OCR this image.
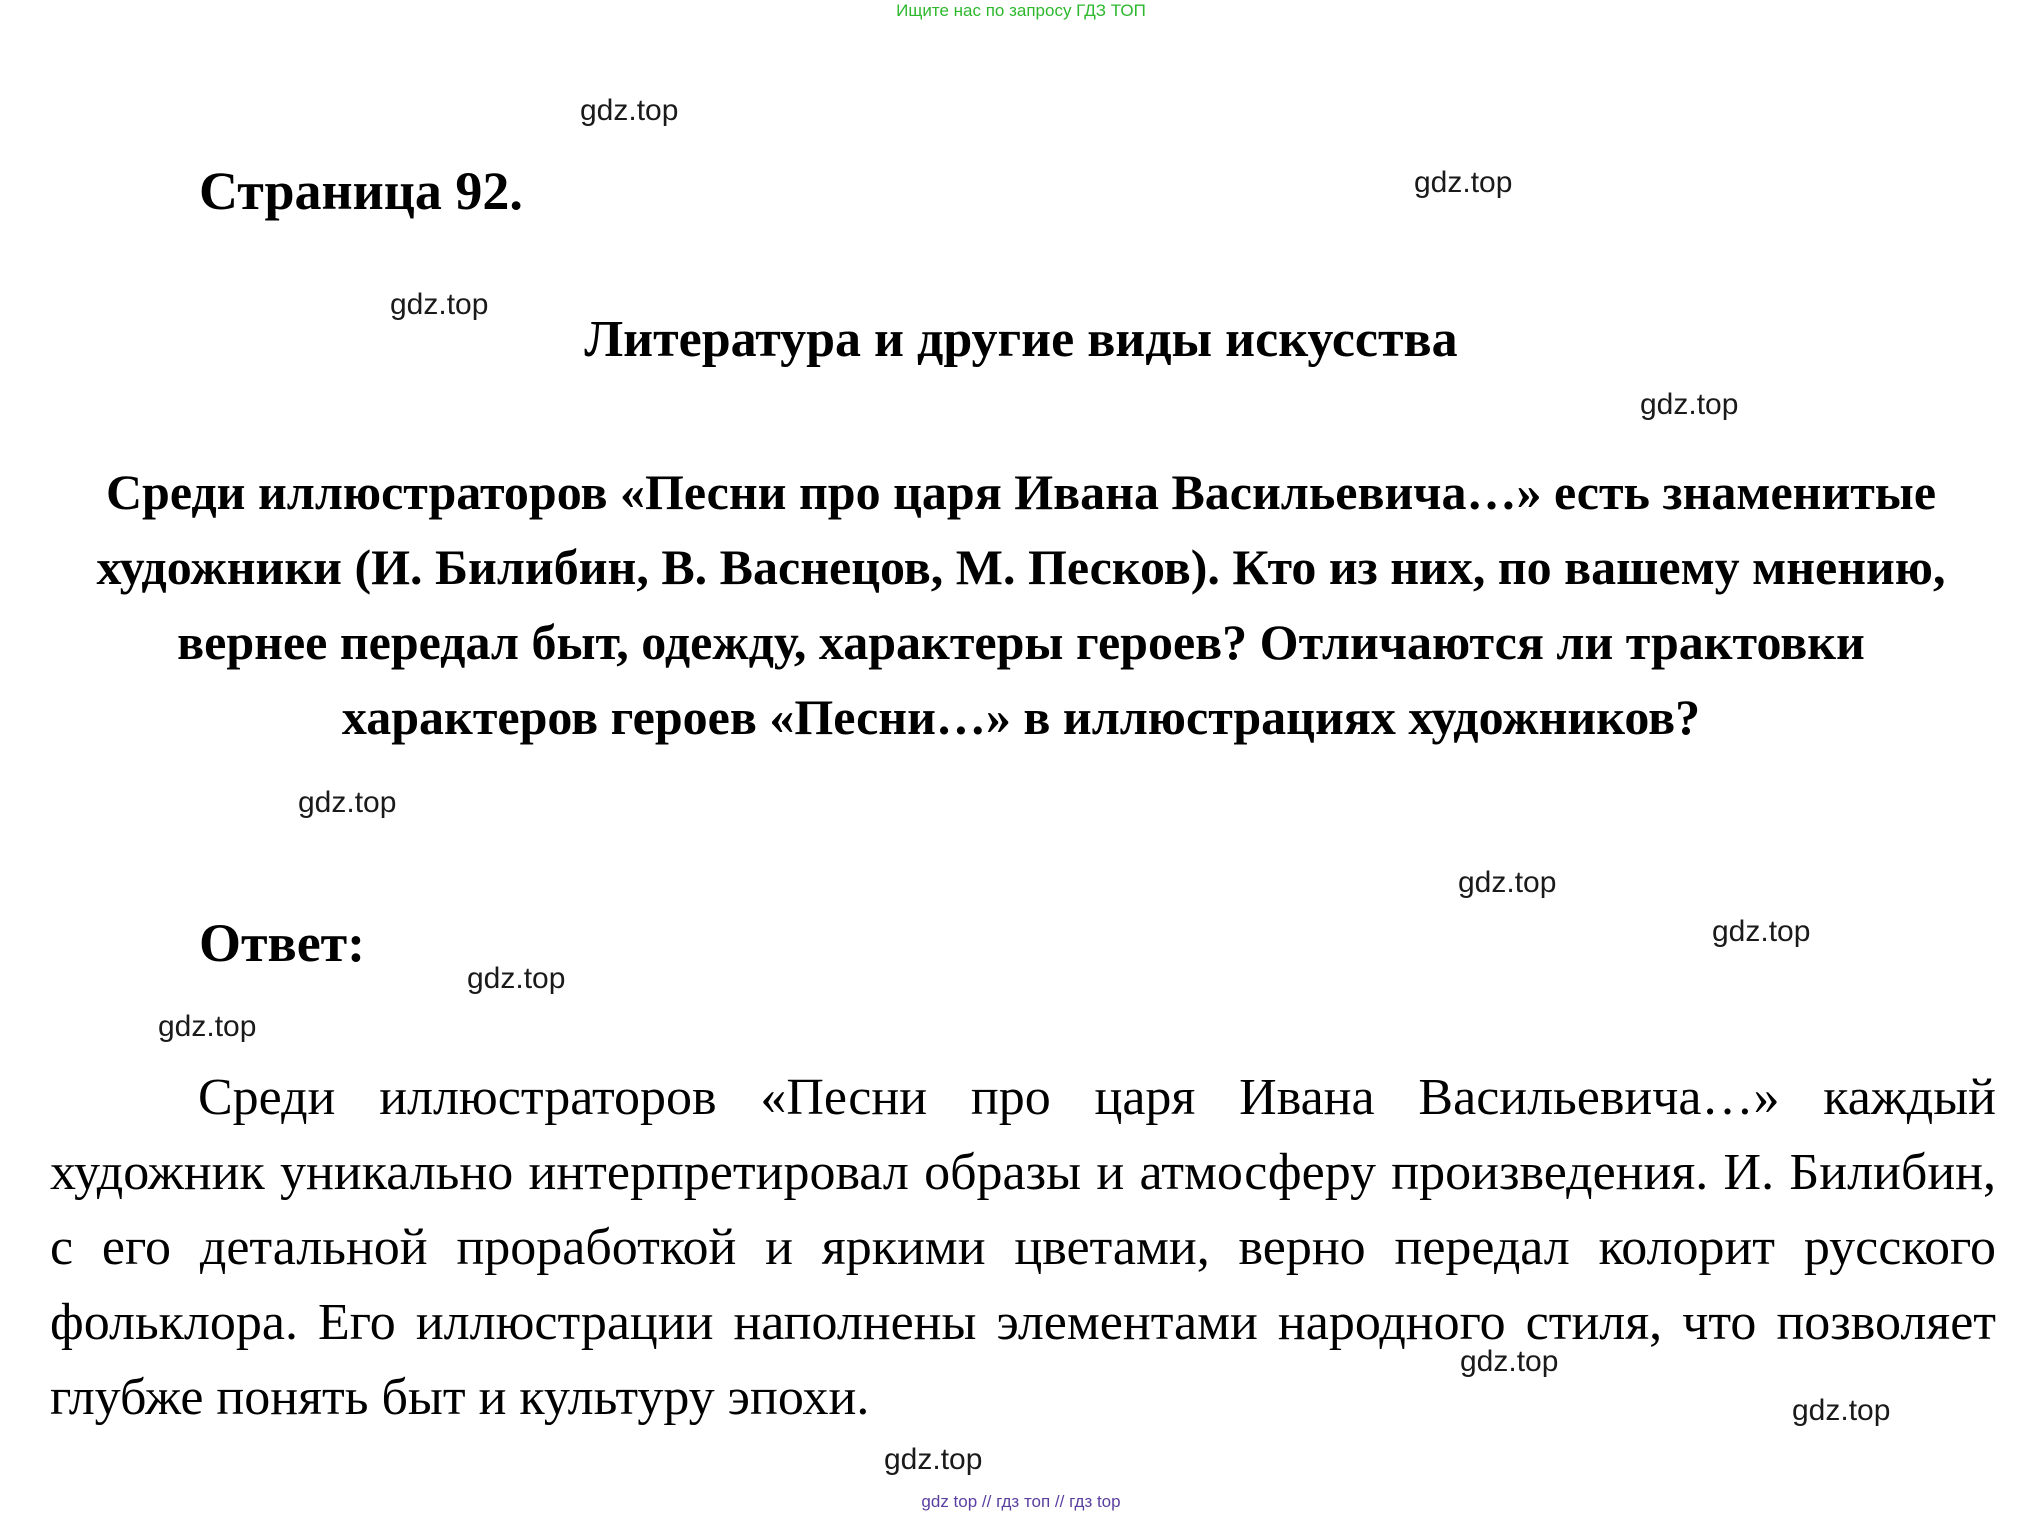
Ищите нас по запросу ГДЗ ТОП
gdz.top
gdz.top
gdz.top
gdz.top
gdz.top
gdz.top
gdz.top
gdz.top
gdz.top
gdz.top
gdz.top
gdz.top
Страница 92.
Литература и другие виды искусства
Среди иллюстраторов «Песни про царя Ивана Васильевича…» есть знаменитые художники (И. Билибин, В. Васнецов, М. Песков). Кто из них, по вашему мнению, вернее передал быт, одежду, характеры героев? Отличаются ли трактовки характеров героев «Песни…» в иллюстрациях художников?
Ответ:
Среди иллюстраторов «Песни про царя Ивана Васильевича…» каждый художник уникально интерпретировал образы и атмосферу произведения. И. Билибин, с его детальной проработкой и яркими цветами, верно передал колорит русского фольклора. Его иллюстрации наполнены элементами народного стиля, что позволяет глубже понять быт и культуру эпохи.
gdz top // гдз топ // гдз top
